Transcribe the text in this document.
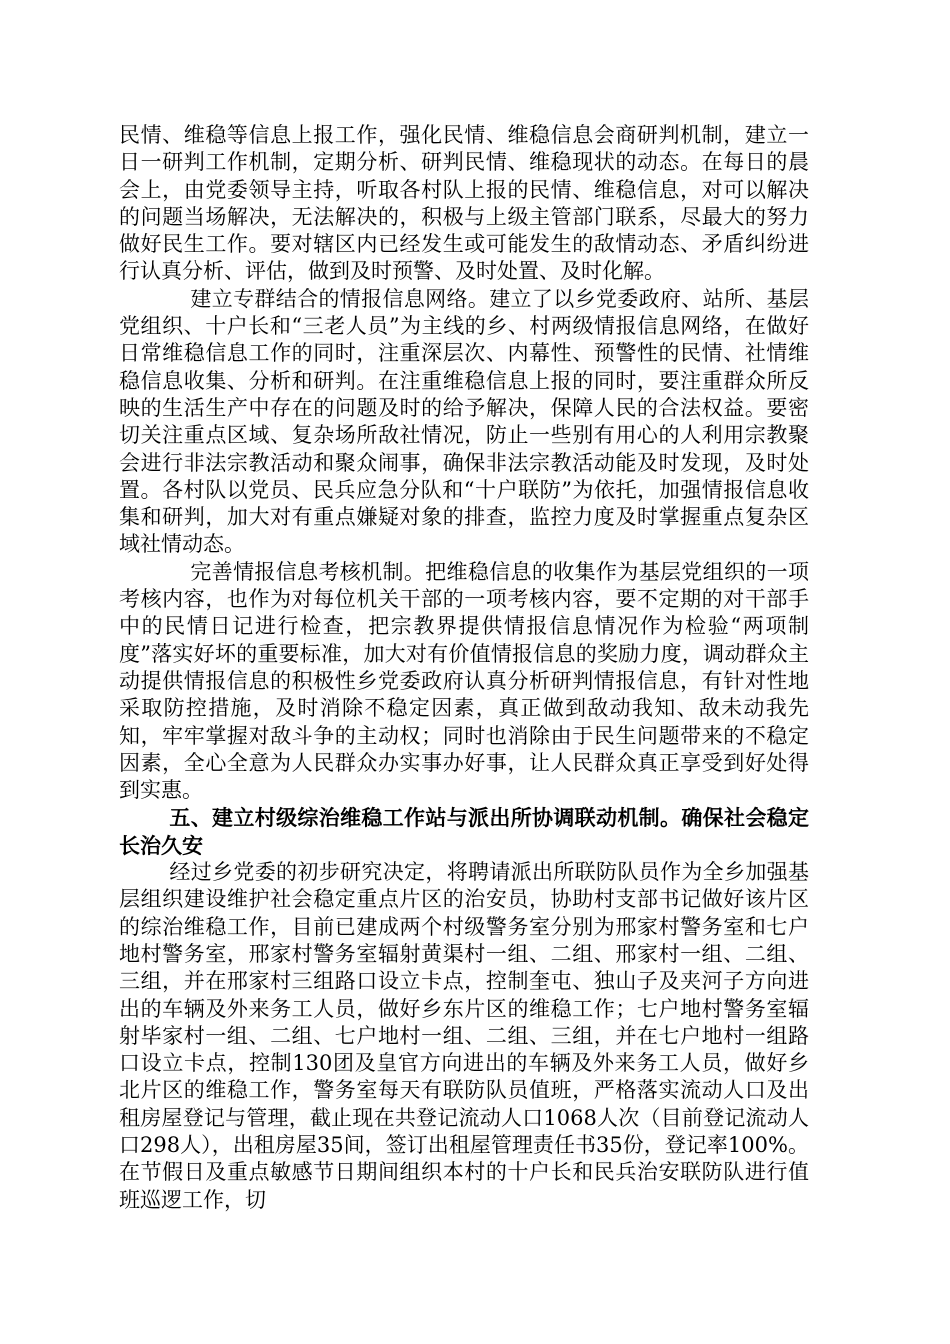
民情、维稳等信息上报工作，强化民情、维稳信息会商研判机制，建立一日一研判工作机制，定期分析、研判民情、维稳现状的动态。在每日的晨会上，由党委领导主持，听取各村队上报的民情、维稳信息，对可以解决的问题当场解决，无法解决的，积极与上级主管部门联系，尽最大的努力做好民生工作。要对辖区内已经发生或可能发生的敌情动态、矛盾纠纷进行认真分析、评估，做到及时预警、及时处置、及时化解。

建立专群结合的情报信息网络。建立了以乡党委政府、站所、基层党组织、十户长和“三老人员”为主线的乡、村两级情报信息网络，在做好日常维稳信息工作的同时，注重深层次、内幕性、预警性的民情、社情维稳信息收集、分析和研判。在注重维稳信息上报的同时，要注重群众所反映的生活生产中存在的问题及时的给予解决，保障人民的合法权益。要密切关注重点区域、复杂场所敌社情况，防止一些别有用心的人利用宗教聚会进行非法宗教活动和聚众闹事，确保非法宗教活动能及时发现，及时处置。各村队以党员、民兵应急分队和“十户联防”为依托，加强情报信息收集和研判，加大对有重点嫌疑对象的排查，监控力度及时掌握重点复杂区域社情动态。

完善情报信息考核机制。把维稳信息的收集作为基层党组织的一项考核内容，也作为对每位机关干部的一项考核内容，要不定期的对干部手中的民情日记进行检查，把宗教界提供情报信息情况作为检验“两项制度”落实好坏的重要标准，加大对有价值情报信息的奖励力度，调动群众主动提供情报信息的积极性乡党委政府认真分析研判情报信息，有针对性地采取防控措施，及时消除不稳定因素，真正做到敌动我知、敌未动我先知，牢牢掌握对敌斗争的主动权；同时也消除由于民生问题带来的不稳定因素，全心全意为人民群众办实事办好事，让人民群众真正享受到好处得到实惠。

五、建立村级综治维稳工作站与派出所协调联动机制。确保社会稳定长治久安

经过乡党委的初步研究决定，将聘请派出所联防队员作为全乡加强基层组织建设维护社会稳定重点片区的治安员，协助村支部书记做好该片区的综治维稳工作，目前已建成两个村级警务室分别为邢家村警务室和七户地村警务室，邢家村警务室辐射黄渠村一组、二组、邢家村一组、二组、三组，并在邢家村三组路口设立卡点，控制奎屯、独山子及夹河子方向进出的车辆及外来务工人员，做好乡东片区的维稳工作；七户地村警务室辐射毕家村一组、二组、七户地村一组、二组、三组，并在七户地村一组路口设立卡点，控制130团及皇官方向进出的车辆及外来务工人员，做好乡北片区的维稳工作，警务室每天有联防队员值班，严格落实流动人口及出租房屋登记与管理，截止现在共登记流动人口1068人次（目前登记流动人口298人），出租房屋35间，签订出租屋管理责任书35份，登记率100%。在节假日及重点敏感节日期间组织本村的十户长和民兵治安联防队进行值班巡逻工作，切
